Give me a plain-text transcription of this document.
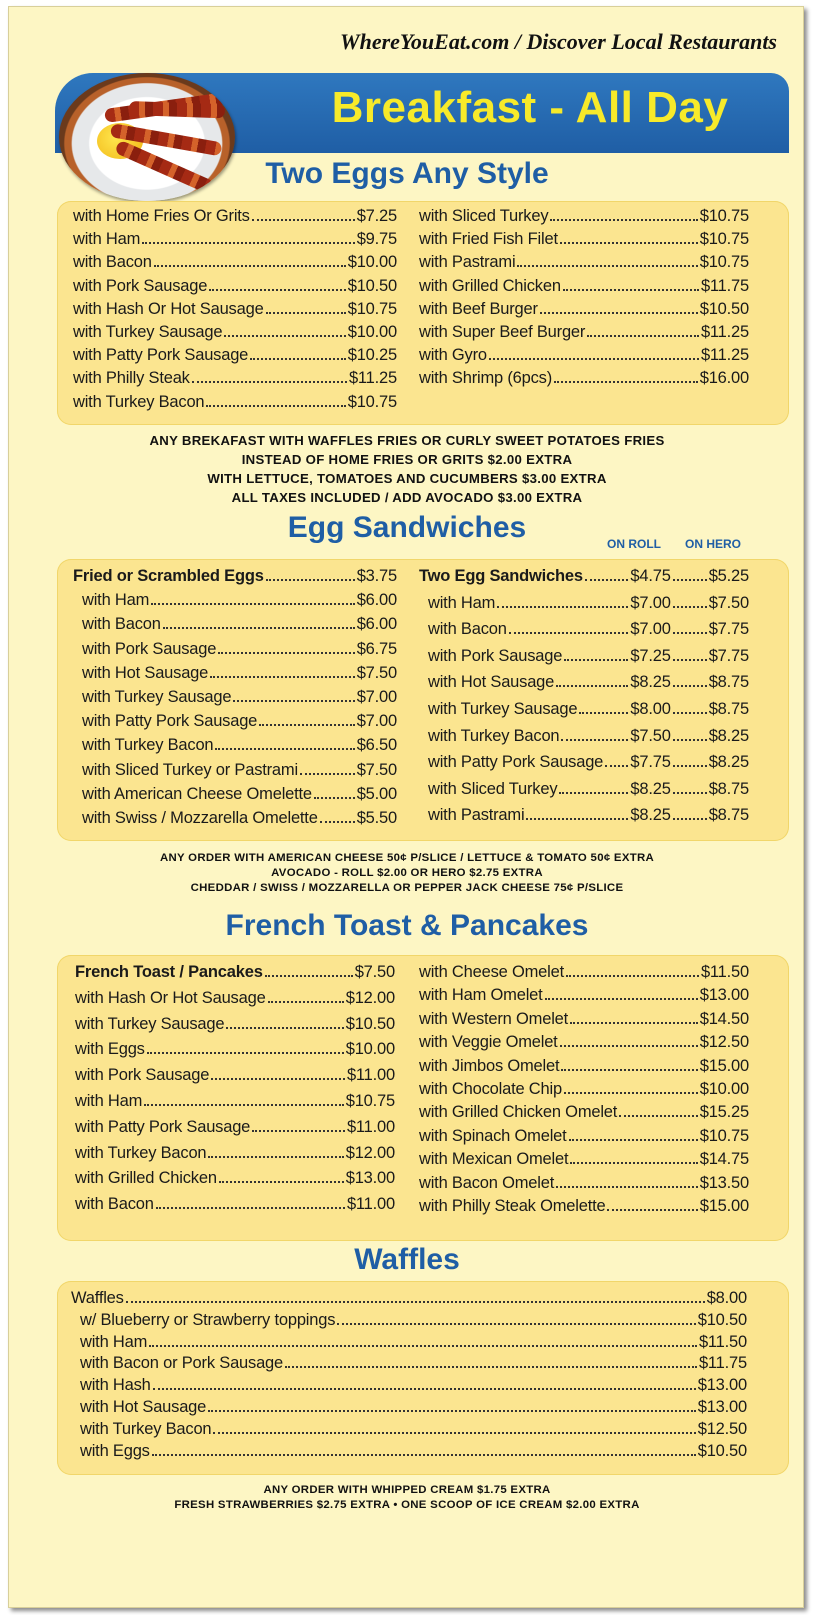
WhereYouEat.com / Discover Local Restaurants
Breakfast - All Day
Two Eggs Any Style
with Home Fries Or Grits	$7.25
with Ham	$9.75
with Bacon	$10.00
with Pork Sausage	$10.50
with Hash Or Hot Sausage	$10.75
with Turkey Sausage	$10.00
with Patty Pork Sausage	$10.25
with Philly Steak	$11.25
with Turkey Bacon	$10.75
with Sliced Turkey	$10.75
with Fried Fish Filet	$10.75
with Pastrami	$10.75
with Grilled Chicken	$11.75
with Beef Burger	$10.50
with Super Beef Burger	$11.25
with Gyro	$11.25
with Shrimp (6pcs)	$16.00
ANY BREKAFAST WITH WAFFLES FRIES OR CURLY SWEET POTATOES FRIES
INSTEAD OF HOME FRIES OR GRITS $2.00 EXTRA
WITH LETTUCE, TOMATOES AND CUCUMBERS $3.00 EXTRA
ALL TAXES INCLUDED / ADD AVOCADO $3.00 EXTRA
Egg Sandwiches	ON ROLL ON HERO
Fried or Scrambled Eggs	$3.75
with Ham	$6.00
with Bacon	$6.00
with Pork Sausage	$6.75
with Hot Sausage	$7.50
with Turkey Sausage	$7.00
with Patty Pork Sausage	$7.00
with Turkey Bacon	$6.50
with Sliced Turkey or Pastrami	$7.50
with American Cheese Omelette	$5.00
with Swiss / Mozzarella Omelette $5.50
Two Egg Sandwiches	$4.75 $5.25
with Ham	$7.00 $7.50
with Bacon	$7.00 $7.75
with Pork Sausage	$7.25 $7.75
with Hot Sausage	$8.25 $8.75
with Turkey Sausage	$8.00 $8.75
with Turkey Bacon	$7.50 $8.25
with Patty Pork Sausage $7.75 $8.25
with Sliced Turkey	$8.25 $8.75
with Pastrami	$8.25 $8.75
ANY ORDER WITH AMERICAN CHEESE 50¢ P/SLICE / LETTUCE & TOMATO 50¢ EXTRA
AVOCADO - ROLL $2.00 OR HERO $2.75 EXTRA
CHEDDAR / SWISS / MOZZARELLA OR PEPPER JACK CHEESE 75¢ P/SLICE
French Toast & Pancakes
French Toast / Pancakes	$7.50
with Hash Or Hot Sausage	$12.00
with Turkey Sausage	$10.50
with Eggs	$10.00
with Pork Sausage	$11.00
with Ham	$10.75
with Patty Pork Sausage	$11.00
with Turkey Bacon	$12.00
with Grilled Chicken	$13.00
with Bacon	$11.00
with Cheese Omelet	$11.50
with Ham Omelet	$13.00
with Western Omelet	$14.50
with Veggie Omelet	$12.50
with Jimbos Omelet	$15.00
with Chocolate Chip	$10.00
with Grilled Chicken Omelet	$15.25
with Spinach Omelet	$10.75
with Mexican Omelet	$14.75
with Bacon Omelet	$13.50
with Philly Steak Omelette	$15.00
Waffles
Waffles	$8.00
w/ Blueberry or Strawberry toppings	$10.50
with Ham	$11.50
with Bacon or Pork Sausage	$11.75
with Hash	$13.00
with Hot Sausage	$13.00
with Turkey Bacon	$12.50
with Eggs	$10.50
ANY ORDER WITH WHIPPED CREAM $1.75 EXTRA
FRESH STRAWBERRIES $2.75 EXTRA • ONE SCOOP OF ICE CREAM $2.00 EXTRA
